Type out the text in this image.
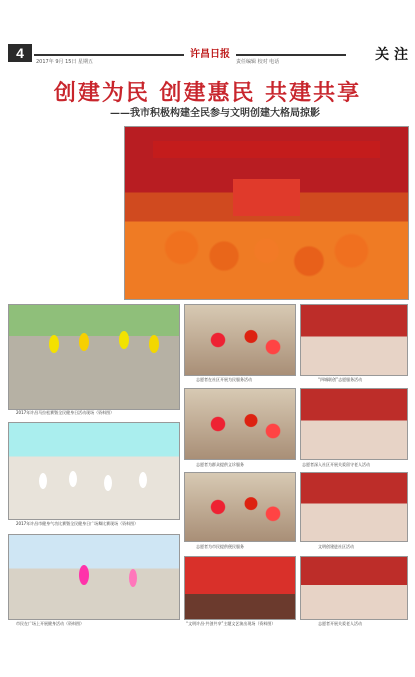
4	许昌日报
2017年 9月 15日 星期五	责任编辑 校对 电话	关 注
创建为民 创建惠民 共建共享
——我市积极构建全民参与文明创建大格局掠影
2017年许昌马拉松赛暨全民健身日活动现场（资料图）
志愿者在社区开展为民服务活动	“四城联创”志愿服务活动
2017年许昌市健身气功比赛暨全民健身日广场舞比赛现场（资料图）
志愿者为群众提供义诊服务	志愿者深入社区开展关爱留守老人活动
志愿者为市民提供便民服务	文明创建进社区活动
市民在广场上开展健身活动（资料图）	“文明许昌·共创共享”主题文艺演出现场（资料图）	志愿者开展关爱老人活动
